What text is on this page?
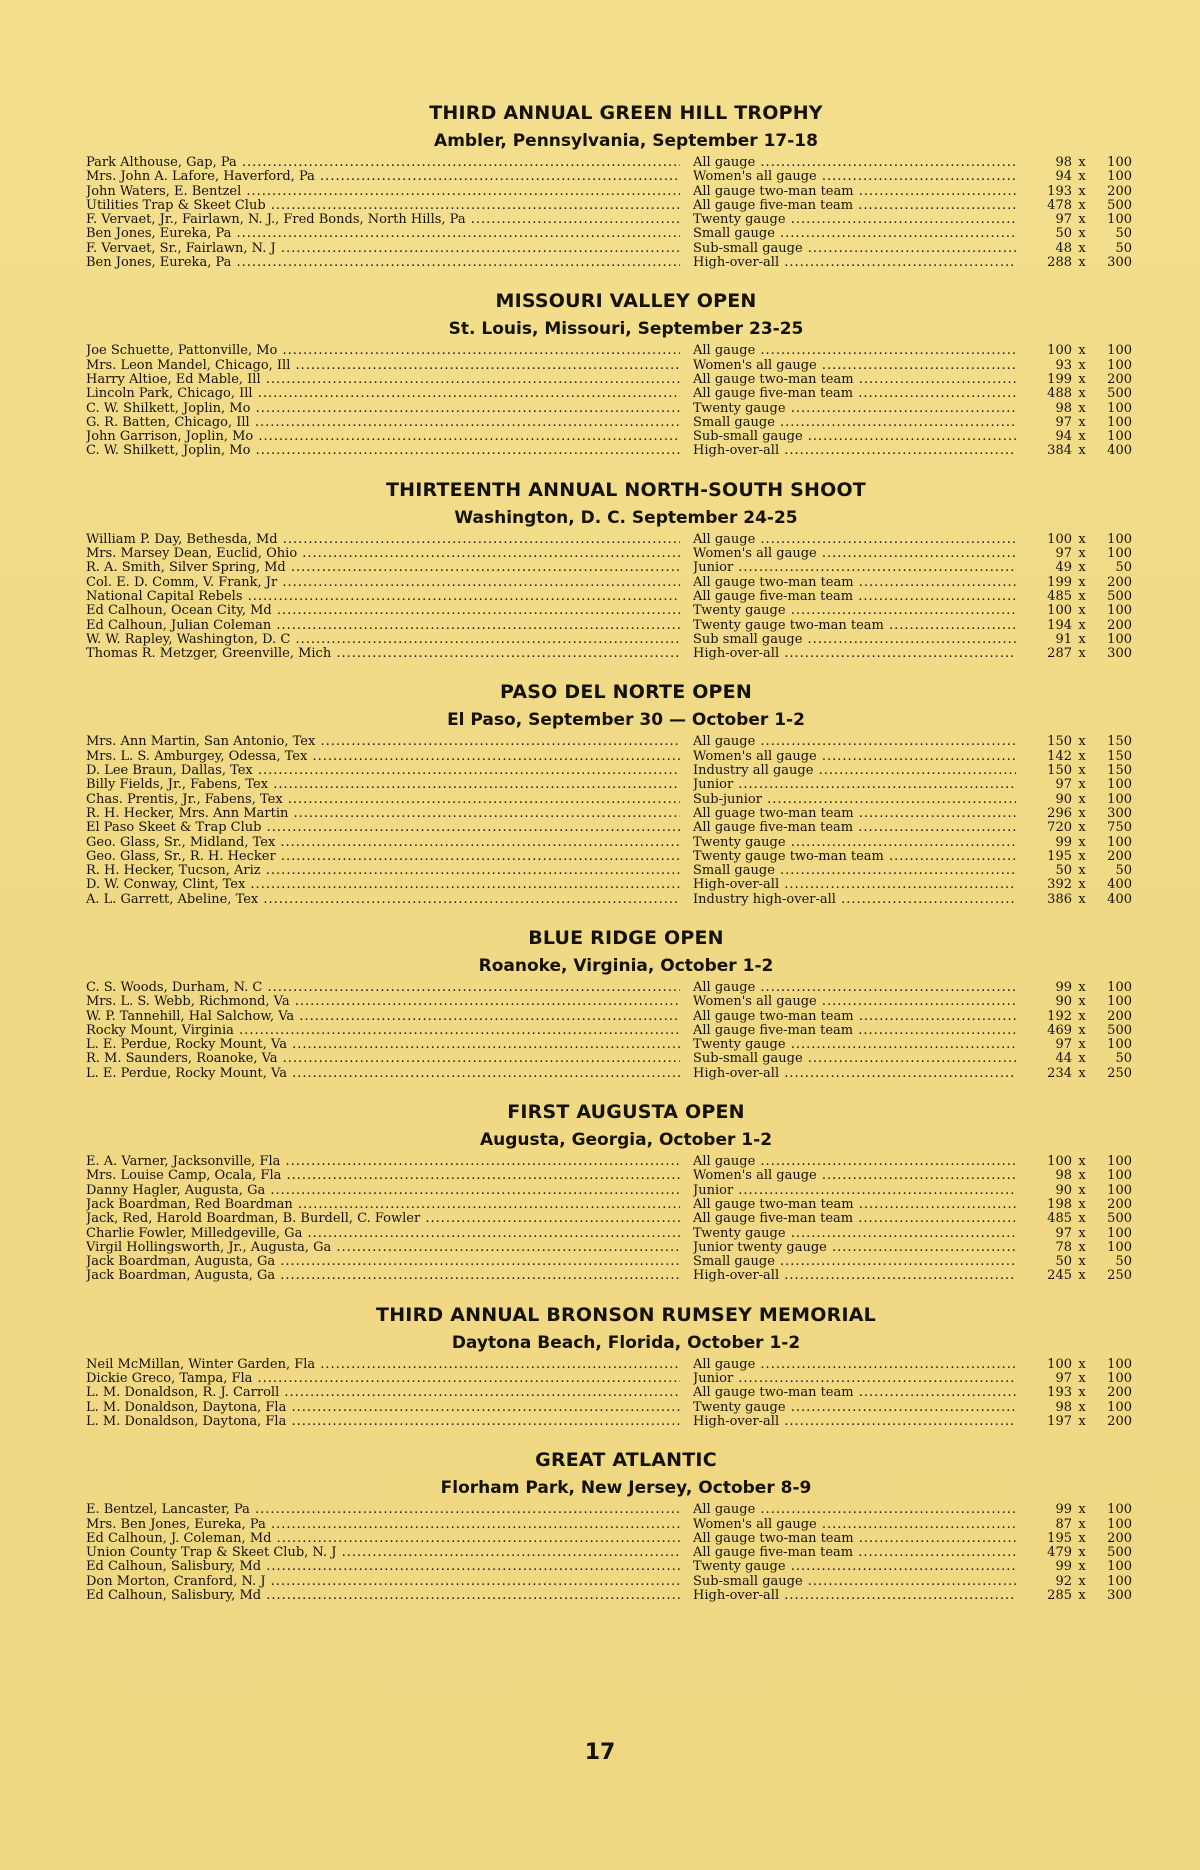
THIRD ANNUAL GREEN HILL TROPHY
Ambler, Pennsylvania, September 17-18
Park Althouse, Gap, Pa .....	All gauge .....	98 x 100
Mrs. John A. Lafore, Haverford, Pa .....	Women's all gauge .....	94 x 100
John Waters, E. Bentzel .....	All gauge two-man team .....	193 x 200
Utilities Trap & Skeet Club .....	All gauge five-man team .....	478 x 500
F. Vervaet, Jr., Fairlawn, N. J., Fred Bonds, North Hills, Pa .....	Twenty gauge .....	97 x 100
Ben Jones, Eureka, Pa .....	Small gauge .....	50 x 50
F. Vervaet, Sr., Fairlawn, N. J .....	Sub-small gauge .....	48 x 50
Ben Jones, Eureka, Pa .....	High-over-all .....	288 x 300
MISSOURI VALLEY OPEN
St. Louis, Missouri, September 23-25
Joe Schuette, Pattonville, Mo .....	All gauge .....	100 x 100
Mrs. Leon Mandel, Chicago, Ill .....	Women's all gauge .....	93 x 100
Harry Altioe, Ed Mable, Ill .....	All gauge two-man team .....	199 x 200
Lincoln Park, Chicago, Ill .....	All gauge five-man team .....	488 x 500
C. W. Shilkett, Joplin, Mo .....	Twenty gauge .....	98 x 100
G. R. Batten, Chicago, Ill .....	Small gauge .....	97 x 100
John Garrison, Joplin, Mo .....	Sub-small gauge .....	94 x 100
C. W. Shilkett, Joplin, Mo .....	High-over-all .....	384 x 400
THIRTEENTH ANNUAL NORTH-SOUTH SHOOT
Washington, D. C. September 24-25
William P. Day, Bethesda, Md .....	All gauge .....	100 x 100
Mrs. Marsey Dean, Euclid, Ohio .....	Women's all gauge .....	97 x 100
R. A. Smith, Silver Spring, Md .....	Junior .....	49 x 50
Col. E. D. Comm, V. Frank, Jr .....	All gauge two-man team .....	199 x 200
National Capital Rebels .....	All gauge five-man team .....	485 x 500
Ed Calhoun, Ocean City, Md .....	Twenty gauge .....	100 x 100
Ed Calhoun, Julian Coleman .....	Twenty gauge two-man team .....	194 x 200
W. W. Rapley, Washington, D. C .....	Sub small gauge .....	91 x 100
Thomas R. Metzger, Greenville, Mich .....	High-over-all .....	287 x 300
PASO DEL NORTE OPEN
El Paso, September 30 — October 1-2
Mrs. Ann Martin, San Antonio, Tex .....	All gauge .....	150 x 150
Mrs. L. S. Amburgey, Odessa, Tex .....	Women's all gauge .....	142 x 150
D. Lee Braun, Dallas, Tex .....	Industry all gauge .....	150 x 150
Billy Fields, Jr., Fabens, Tex .....	Junior .....	97 x 100
Chas. Prentis, Jr., Fabens, Tex .....	Sub-junior .....	90 x 100
R. H. Hecker, Mrs. Ann Martin .....	All guage two-man team .....	296 x 300
El Paso Skeet & Trap Club .....	All gauge five-man team .....	720 x 750
Geo. Glass, Sr., Midland, Tex .....	Twenty gauge .....	99 x 100
Geo. Glass, Sr., R. H. Hecker .....	Twenty gauge two-man team .....	195 x 200
R. H. Hecker, Tucson, Ariz .....	Small gauge .....	50 x 50
D. W. Conway, Clint, Tex .....	High-over-all .....	392 x 400
A. L. Garrett, Abeline, Tex .....	Industry high-over-all .....	386 x 400
BLUE RIDGE OPEN
Roanoke, Virginia, October 1-2
C. S. Woods, Durham, N. C .....	All gauge .....	99 x 100
Mrs. L. S. Webb, Richmond, Va .....	Women's all gauge .....	90 x 100
W. P. Tannehill, Hal Salchow, Va .....	All gauge two-man team .....	192 x 200
Rocky Mount, Virginia .....	All gauge five-man team .....	469 x 500
L. E. Perdue, Rocky Mount, Va .....	Twenty gauge .....	97 x 100
R. M. Saunders, Roanoke, Va .....	Sub-small gauge .....	44 x 50
L. E. Perdue, Rocky Mount, Va .....	High-over-all .....	234 x 250
FIRST AUGUSTA OPEN
Augusta, Georgia, October 1-2
E. A. Varner, Jacksonville, Fla .....	All gauge .....	100 x 100
Mrs. Louise Camp, Ocala, Fla .....	Women's all gauge .....	98 x 100
Danny Hagler, Augusta, Ga .....	Junior .....	90 x 100
Jack Boardman, Red Boardman .....	All gauge two-man team .....	198 x 200
Jack, Red, Harold Boardman, B. Burdell, C. Fowler .....	All gauge five-man team .....	485 x 500
Charlie Fowler, Milledgeville, Ga .....	Twenty gauge .....	97 x 100
Virgil Hollingsworth, Jr., Augusta, Ga .....	Junior twenty gauge .....	78 x 100
Jack Boardman, Augusta, Ga .....	Small gauge .....	50 x 50
Jack Boardman, Augusta, Ga .....	High-over-all .....	245 x 250
THIRD ANNUAL BRONSON RUMSEY MEMORIAL
Daytona Beach, Florida, October 1-2
Neil McMillan, Winter Garden, Fla .....	All gauge .....	100 x 100
Dickie Greco, Tampa, Fla .....	Junior .....	97 x 100
L. M. Donaldson, R. J. Carroll .....	All gauge two-man team .....	193 x 200
L. M. Donaldson, Daytona, Fla .....	Twenty gauge .....	98 x 100
L. M. Donaldson, Daytona, Fla .....	High-over-all .....	197 x 200
GREAT ATLANTIC
Florham Park, New Jersey, October 8-9
E. Bentzel, Lancaster, Pa .....	All gauge .....	99 x 100
Mrs. Ben Jones, Eureka, Pa .....	Women's all gauge .....	87 x 100
Ed Calhoun, J. Coleman, Md .....	All gauge two-man team .....	195 x 200
Union County Trap & Skeet Club, N. J .....	All gauge five-man team .....	479 x 500
Ed Calhoun, Salisbury, Md .....	Twenty gauge .....	99 x 100
Don Morton, Cranford, N. J .....	Sub-small gauge .....	92 x 100
Ed Calhoun, Salisbury, Md .....	High-over-all .....	285 x 300
17
